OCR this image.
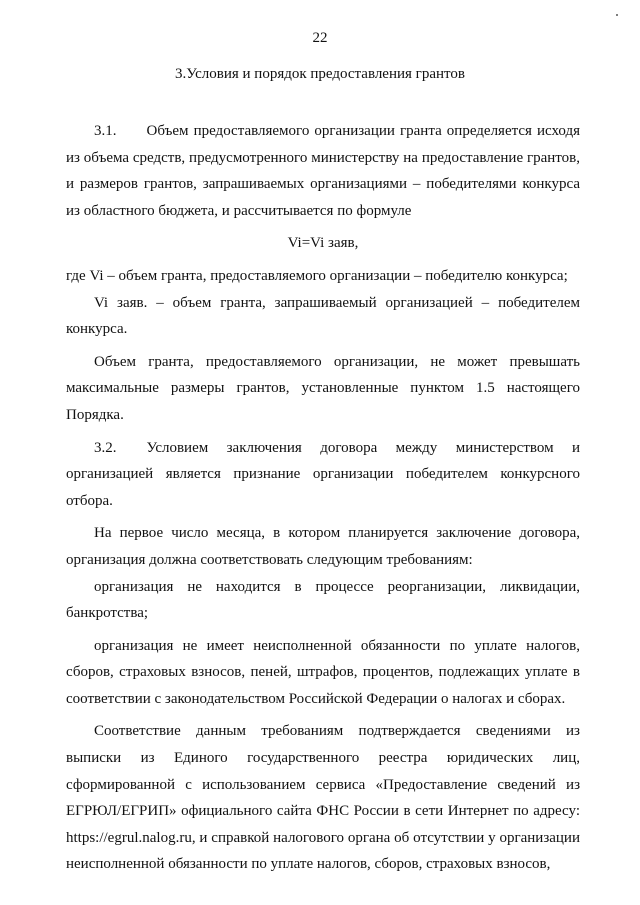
22
3.Условия и порядок предоставления грантов

3.1.  Объем предоставляемого организации гранта определяется исходя из объема средств, предусмотренного министерству на предоставление грантов, и размеров грантов, запрашиваемых организациями – победителями конкурса из областного бюджета, и рассчитывается по формуле

Vi=Vi заяв,

где Vi – объем гранта, предоставляемого организации – победителю конкурса;

Vi заяв. – объем гранта, запрашиваемый организацией – победителем конкурса.

Объем гранта, предоставляемого организации, не может превышать максимальные размеры грантов, установленные пунктом 1.5 настоящего Порядка.

3.2.  Условием заключения договора между министерством и организацией является признание организации победителем конкурсного отбора.

На первое число месяца, в котором планируется заключение договора, организация должна соответствовать следующим требованиям:

организация не находится в процессе реорганизации, ликвидации, банкротства;

организация не имеет неисполненной обязанности по уплате налогов, сборов, страховых взносов, пеней, штрафов, процентов, подлежащих уплате в соответствии с законодательством Российской Федерации о налогах и сборах.

Соответствие данным требованиям подтверждается сведениями из выписки из Единого государственного реестра юридических лиц, сформированной с использованием сервиса «Предоставление сведений из ЕГРЮЛ/ЕГРИП» официального сайта ФНС России в сети Интернет по адресу: https://egrul.nalog.ru, и справкой налогового органа об отсутствии у организации неисполненной обязанности по уплате налогов, сборов, страховых взносов,
